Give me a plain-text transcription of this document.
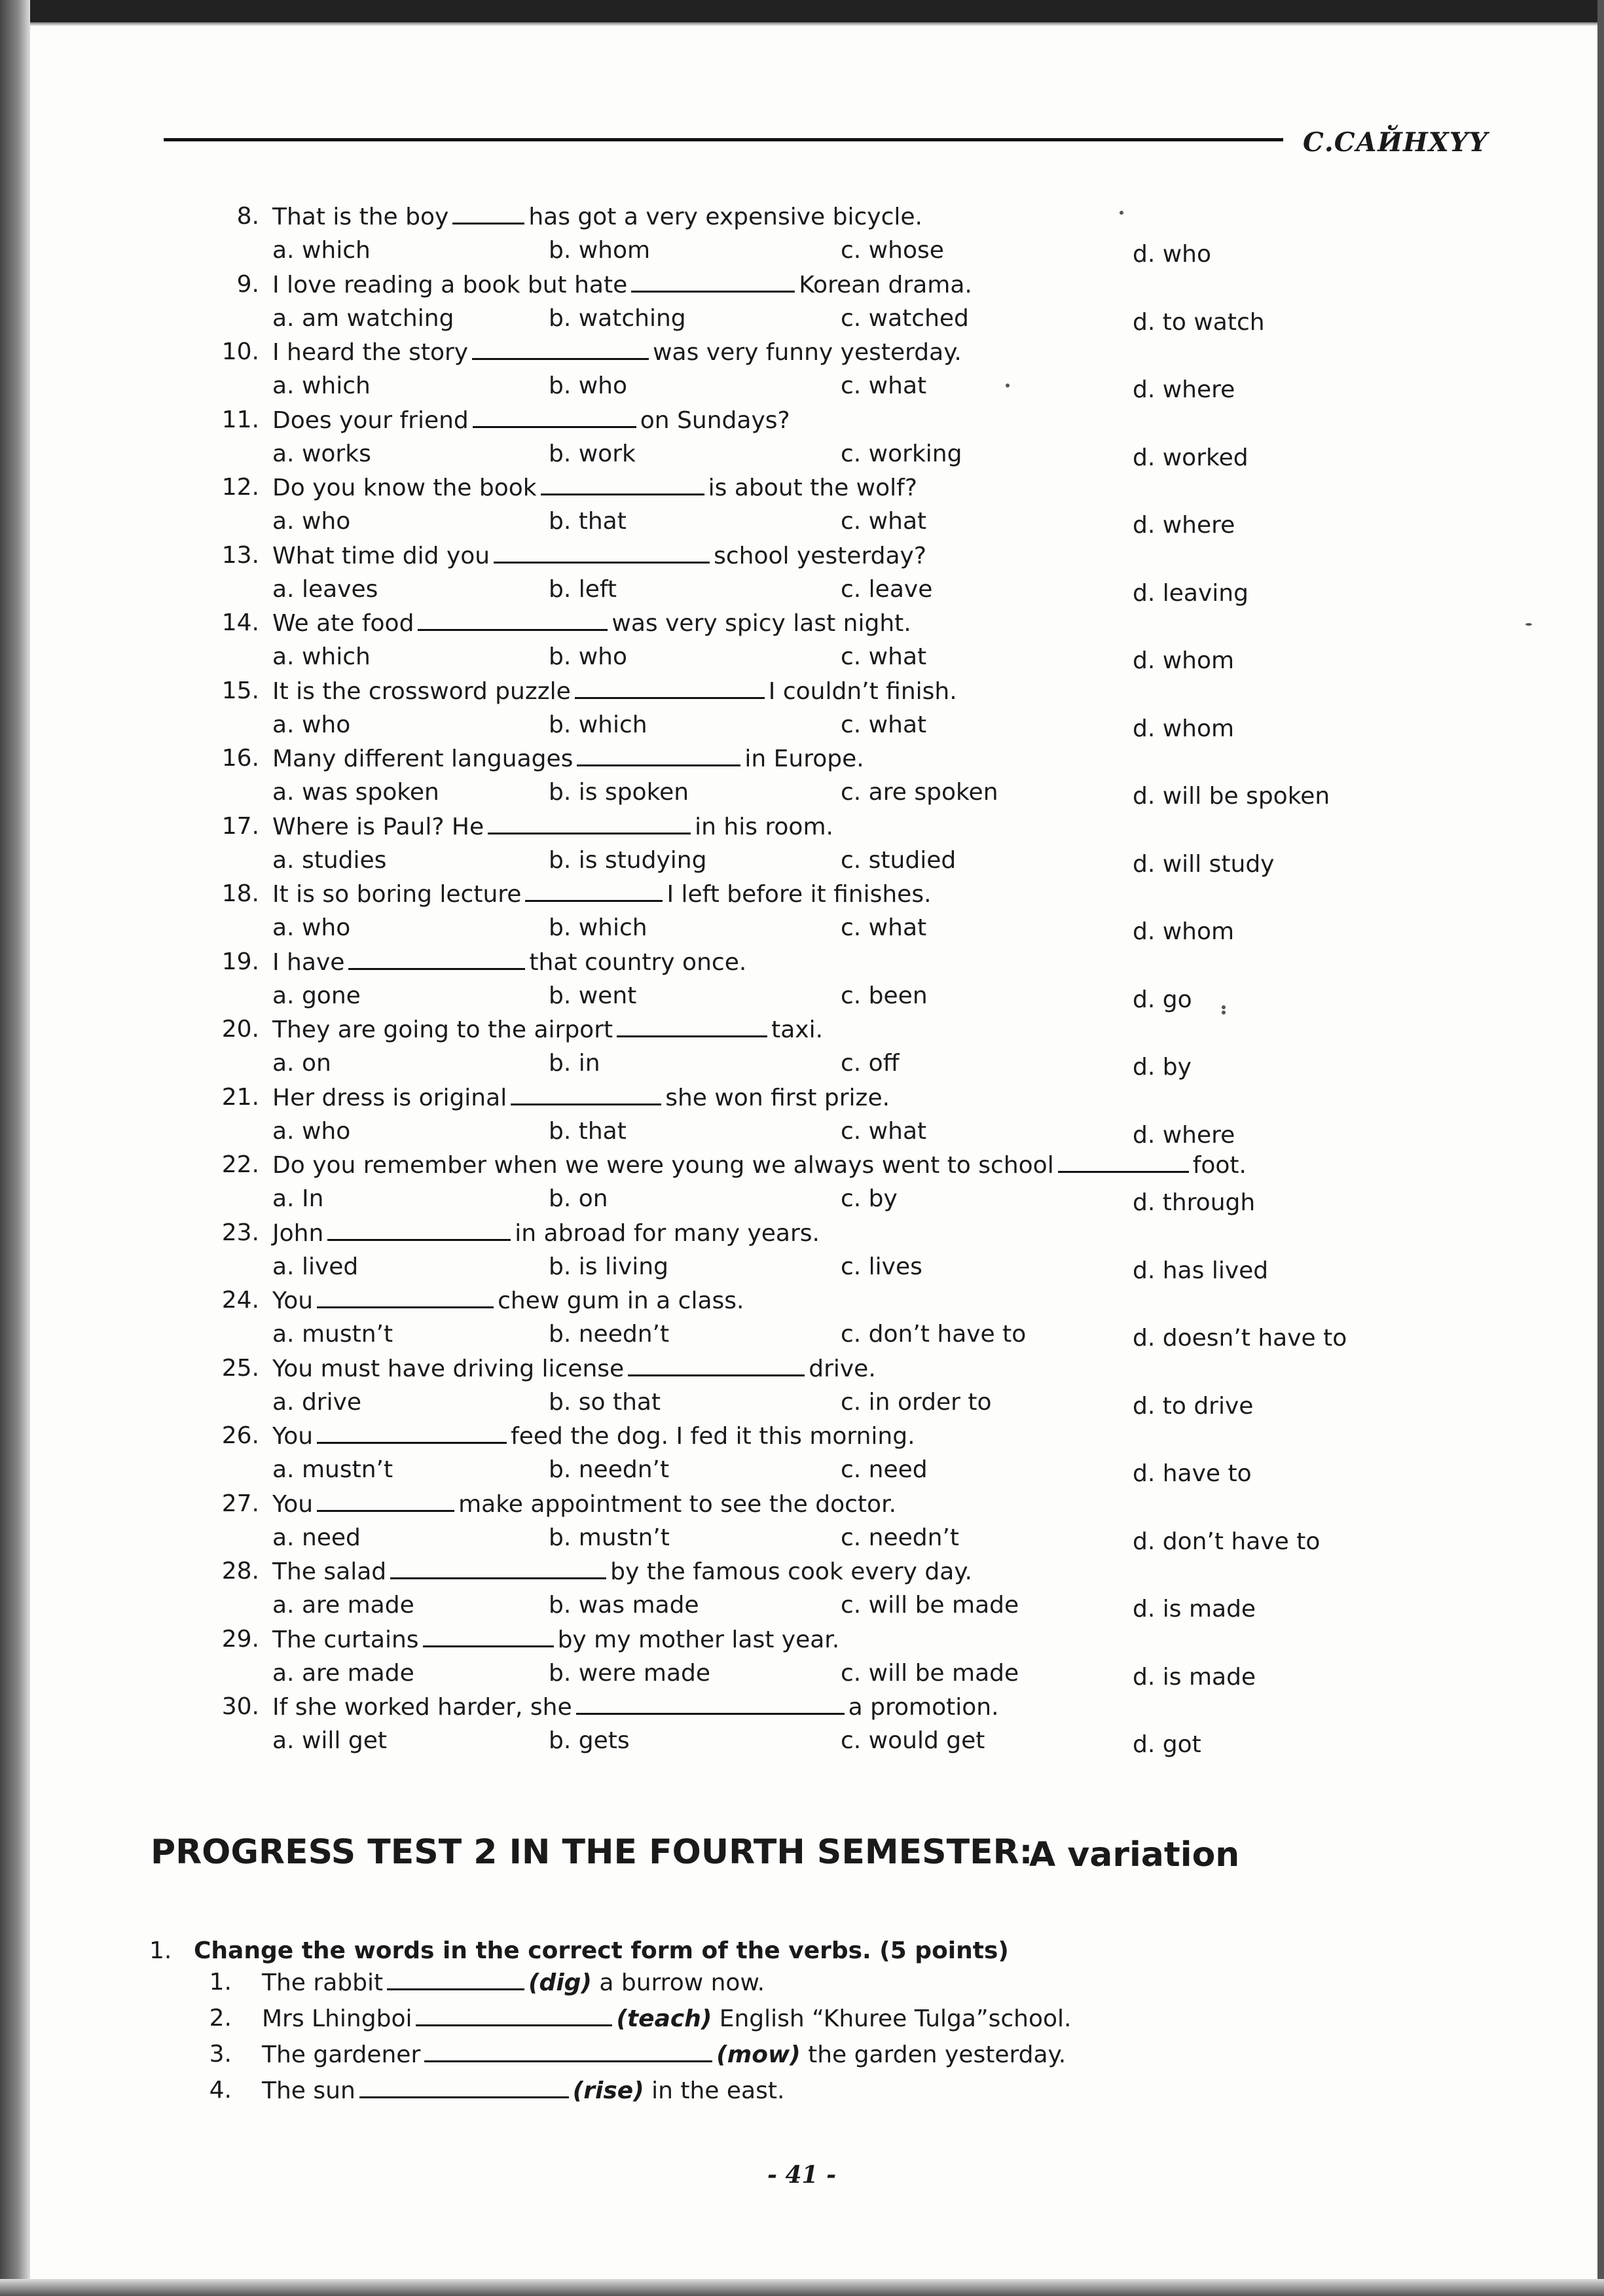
С.САЙНХҮҮ
8. That is the boy	has got a very expensive bicycle.
a. which	b. whom	c. whose	d. who
9. I love reading a book but hate	Korean drama.
a. am watching	b. watching	c. watched	d. to watch
10. I heard the story	was very funny yesterday.
a. which	b. who	c. what	d. where
11. Does your friend	on Sundays?
a. works	b. work	c. working	d. worked
12. Do you know the book	is about the wolf?
a. who	b. that	c. what	d. where
13. What time did you	school yesterday?
a. leaves	b. left	c. leave	d. leaving
14. We ate food	was very spicy last night.
a. which	b. who	c. what	d. whom
15. It is the crossword puzzle	I couldn’t finish.
a. who	b. which	c. what	d. whom
16. Many different languages	in Europe.
a. was spoken	b. is spoken	c. are spoken	d. will be spoken
17. Where is Paul? He	in his room.
a. studies	b. is studying	c. studied	d. will study
18. It is so boring lecture	I left before it finishes.
a. who	b. which	c. what	d. whom
19. I have	that country once.
a. gone	b. went	c. been	d. go
20. They are going to the airport	taxi.
a. on	b. in	c. off	d. by
21. Her dress is original	she won first prize.
a. who	b. that	c. what	d. where
22. Do you remember when we were young we always went to school	foot.
a. In	b. on	c. by	d. through
23. John	in abroad for many years.
a. lived	b. is living	c. lives	d. has lived
24. You	chew gum in a class.
a. mustn’t	b. needn’t	c. don’t have to	d. doesn’t have to
25. You must have driving license	drive.
a. drive	b. so that	c. in order to	d. to drive
26. You	feed the dog. I fed it this morning.
a. mustn’t	b. needn’t	c. need	d. have to
27. You	make appointment to see the doctor.
a. need	b. mustn’t	c. needn’t	d. don’t have to
28. The salad	by the famous cook every day.
a. are made	b. was made	c. will be made	d. is made
29. The curtains	by my mother last year.
a. are made	b. were made	c. will be made	d. is made
30. If she worked harder, she	a promotion.
a. will get	b. gets	c. would get	d. got
PROGRESS TEST 2 IN THE FOURTH SEMESTER:
A variation
1. Change the words in the correct form of the verbs. (5 points)
1. The rabbit	(dig) a burrow now.
2. Mrs Lhingboi	(teach) English “Khuree Tulga”school.
3. The gardener	(mow) the garden yesterday.
4. The sun	(rise) in the east.
- 41 -
